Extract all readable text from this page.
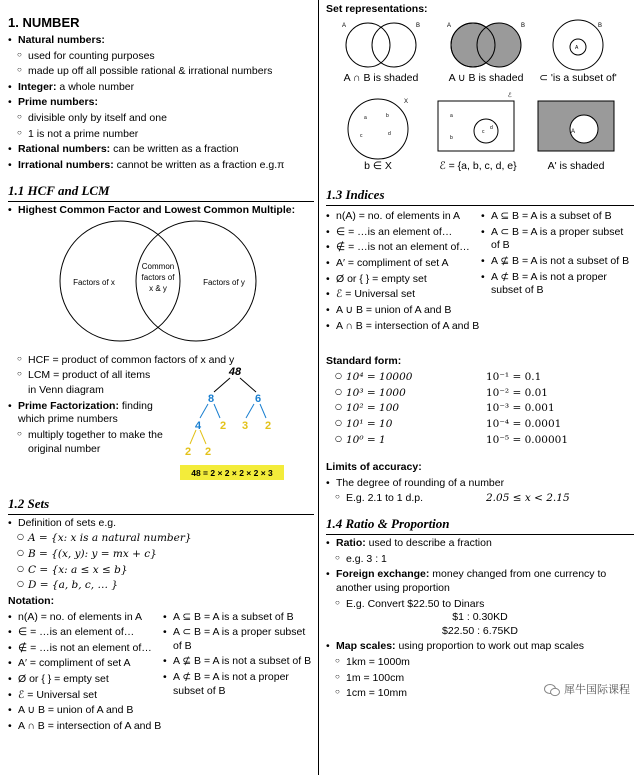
1. NUMBER
• Natural numbers:
○ used for counting purposes
○ made up off all possible rational & irrational numbers
• Integer: a whole number
• Prime numbers:
○ divisible only by itself and one
○ 1 is not a prime number
• Rational numbers: can be written as a fraction
• Irrational numbers: cannot be written as a fraction e.g.π
1.1 HCF and LCM
• Highest Common Factor and Lowest Common Multiple:
Factors of x
Common
factors of
x & y
Factors of y
○ HCF = product of common factors of x and y
○ LCM = product of all items
in Venn diagram
• Prime Factorization: finding which prime numbers
○ multiply together to make the original number
48
8	6
4 2 3 2
2 2
48 = 2 × 2 × 2 × 2 × 3
1.2 Sets
• Definition of sets e.g.
○ A = {x: x is a natural number}
○ B = {(x, y): y = mx + c}
○ C = {x: a ≤ x ≤ b}
○ D = {a, b, c, … }
Notation:
• n(A) = no. of elements in A
• ∈ = …is an element of…
• ∉ = …is not an element of…
• A′ = compliment of set A
• Ø or { } = empty set
• ℰ = Universal set
• A ∪ B = union of A and B
• A ∩ B = intersection of A and B
• A ⊆ B = A is a subset of B
• A ⊂ B = A is a proper subset of B
• A ⊈ B = A is not a subset of B
• A ⊄ B = A is not a proper subset of B
Set representations:
A	B
A ∩ B is shaded
A	B
A ∪ B is shaded
B
A
⊂ 'is a subset of'
X
a	b
c	d
b ∈ X
ℰ
a
b
c
d
ℰ = {a, b, c, d, e}
A
A' is shaded
1.3 Indices
• n(A) = no. of elements in A
• ∈ = …is an element of…
• ∉ = …is not an element of…
• A′ = compliment of set A
• Ø or { } = empty set
• ℰ = Universal set
• A ∪ B = union of A and B
• A ∩ B = intersection of A and B
• A ⊆ B = A is a subset of B
• A ⊂ B = A is a proper subset of B
• A ⊈ B = A is not a subset of B
• A ⊄ B = A is not a proper subset of B
Standard form:
○ 10⁴ = 10000	10⁻¹ = 0.1
○ 10³ = 1000	10⁻² = 0.01
○ 10² = 100	10⁻³ = 0.001
○ 10¹ = 10	10⁻⁴ = 0.0001
○ 10⁰ = 1	10⁻⁵ = 0.00001
Limits of accuracy:
• The degree of rounding of a number
○ E.g. 2.1 to 1 d.p.	2.05 ≤ x < 2.15
1.4 Ratio & Proportion
• Ratio: used to describe a fraction
○ e.g. 3 : 1
• Foreign exchange: money changed from one currency to another using proportion
○ E.g. Convert $22.50 to Dinars
$1 : 0.30KD
$22.50 : 6.75KD
• Map scales: using proportion to work out map scales
○ 1km = 1000m
○ 1m = 100cm
○ 1cm = 10mm	犀牛国际课程
